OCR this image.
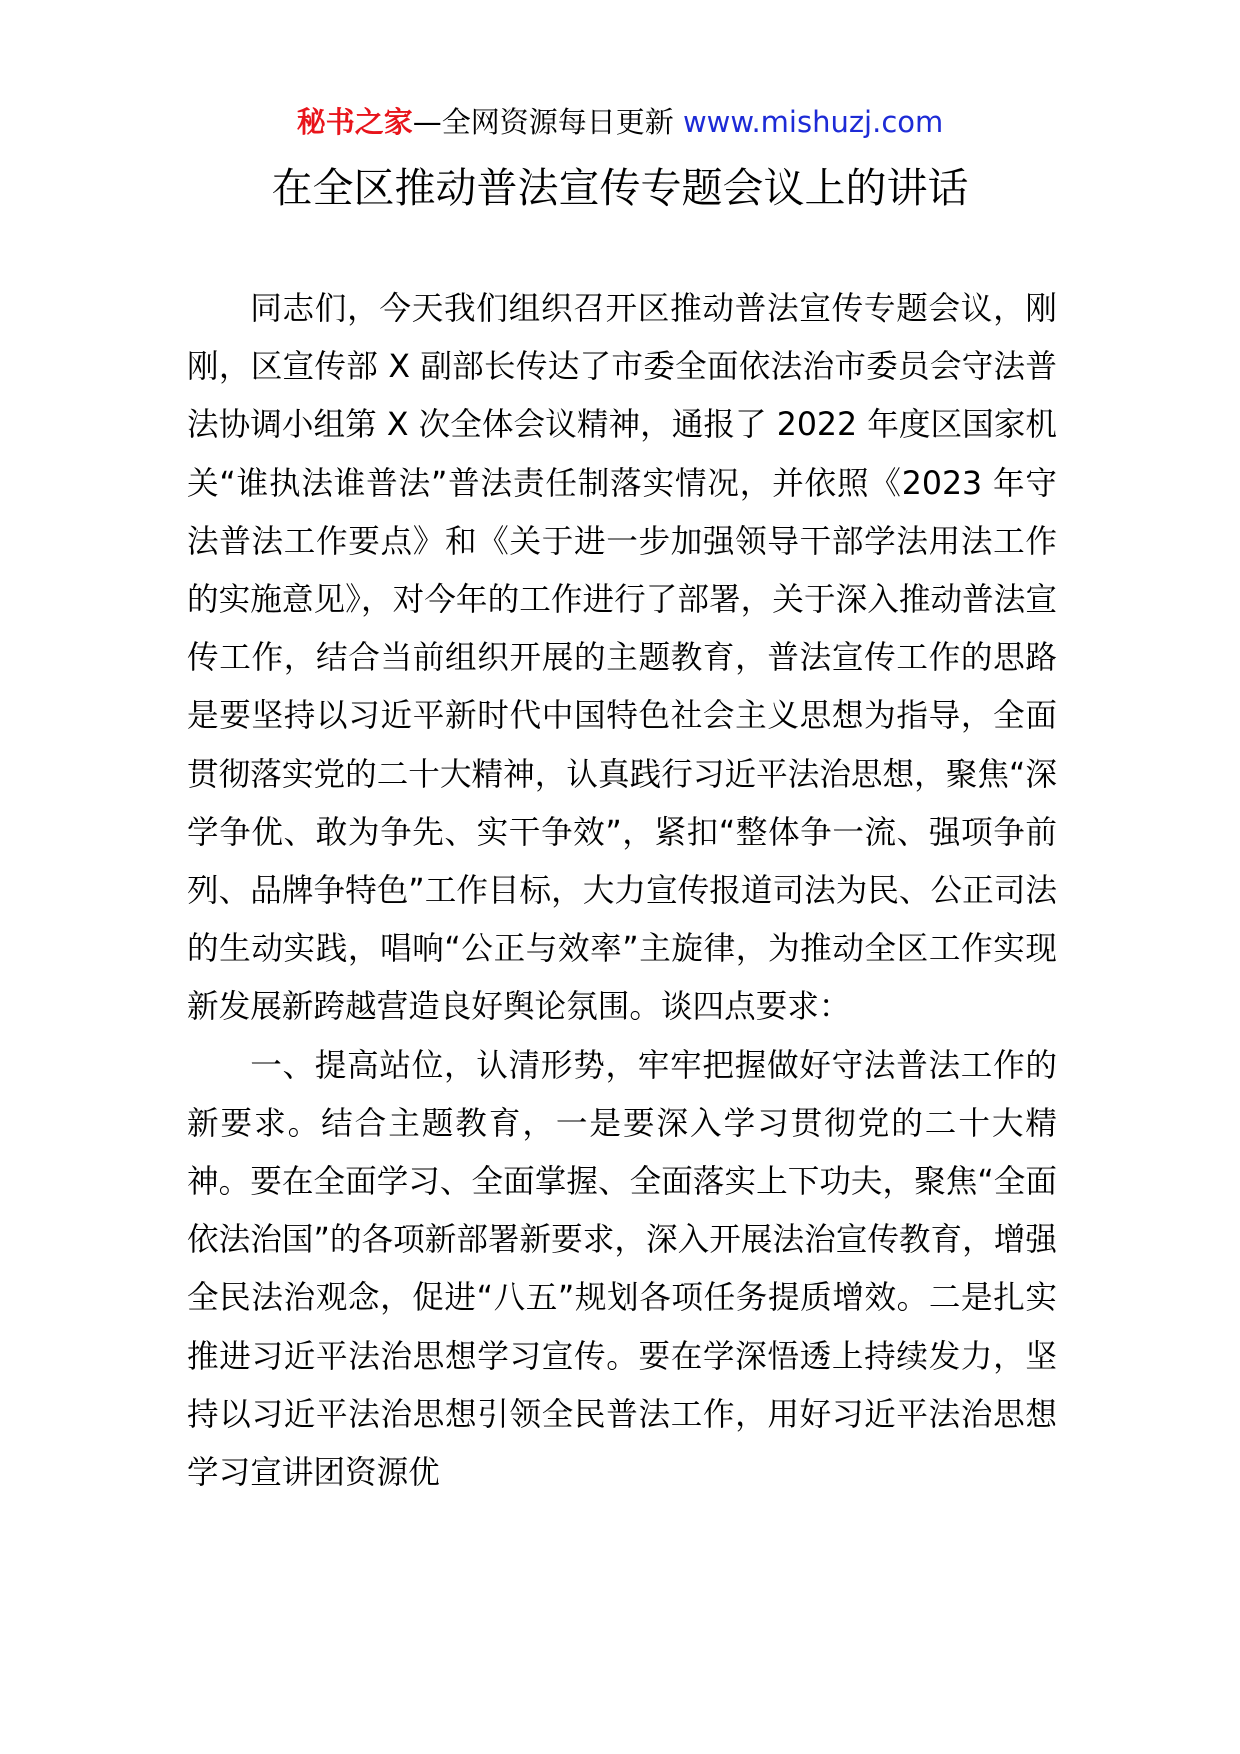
秘书之家—全网资源每日更新 www.mishuzj.com
在全区推动普法宣传专题会议上的讲话

同志们，今天我们组织召开区推动普法宣传专题会议，刚刚，区宣传部 X 副部长传达了市委全面依法治市委员会守法普法协调小组第 X 次全体会议精神，通报了 2022 年度区国家机关“谁执法谁普法”普法责任制落实情况，并依照《2023 年守法普法工作要点》和《关于进一步加强领导干部学法用法工作的实施意见》，对今年的工作进行了部署，关于深入推动普法宣传工作，结合当前组织开展的主题教育，普法宣传工作的思路是要坚持以习近平新时代中国特色社会主义思想为指导，全面贯彻落实党的二十大精神，认真践行习近平法治思想，聚焦“深学争优、敢为争先、实干争效”，紧扣“整体争一流、强项争前列、品牌争特色”工作目标，大力宣传报道司法为民、公正司法的生动实践，唱响“公正与效率”主旋律，为推动全区工作实现新发展新跨越营造良好舆论氛围。谈四点要求：

一、提高站位，认清形势，牢牢把握做好守法普法工作的新要求。结合主题教育，一是要深入学习贯彻党的二十大精神。要在全面学习、全面掌握、全面落实上下功夫，聚焦“全面依法治国”的各项新部署新要求，深入开展法治宣传教育，增强全民法治观念，促进“八五”规划各项任务提质增效。二是扎实推进习近平法治思想学习宣传。要在学深悟透上持续发力，坚持以习近平法治思想引领全民普法工作，用好习近平法治思想学习宣讲团资源优
